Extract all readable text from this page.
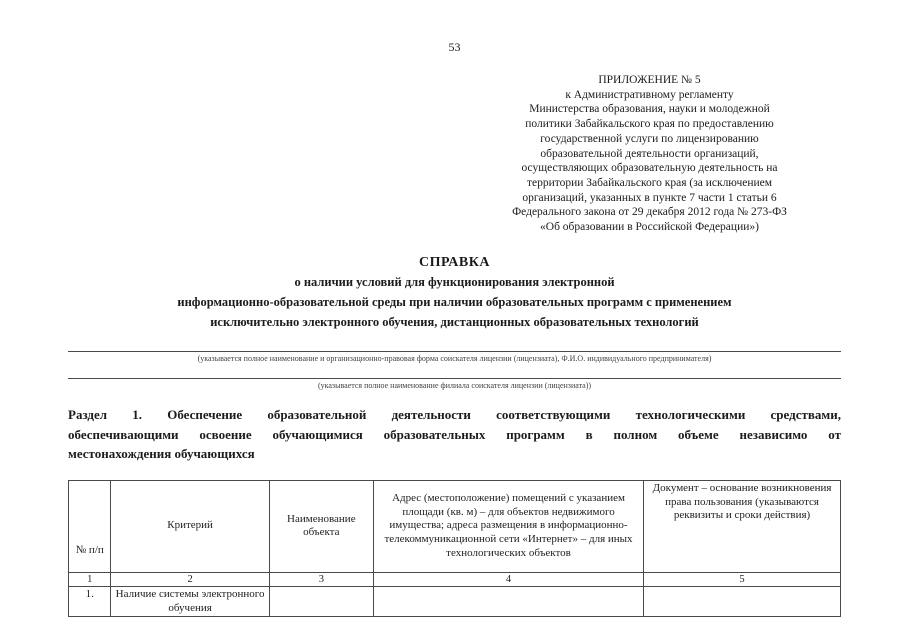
53
ПРИЛОЖЕНИЕ № 5
к Административному регламенту
Министерства образования, науки и молодежной
политики Забайкальского края по предоставлению
государственной услуги по лицензированию
образовательной деятельности организаций,
осуществляющих образовательную деятельность на
территории Забайкальского края (за исключением
организаций, указанных в пункте 7 части 1 статьи 6
Федерального закона от 29 декабря 2012 года № 273-ФЗ
«Об образовании в Российской Федерации»)
СПРАВКА
о наличии условий для функционирования электронной
информационно-образовательной среды при наличии образовательных программ с применением
исключительно электронного обучения, дистанционных образовательных технологий
(указывается полное наименование и организационно-правовая форма соискателя лицензии (лицензиата), Ф.И.О. индивидуального предпринимателя)
(указывается полное наименование филиала соискателя лицензии (лицензиата))
Раздел 1. Обеспечение образовательной деятельности соответствующими технологическими средствами,
обеспечивающими освоение обучающимися образовательных программ в полном объеме независимо от
местонахождения обучающихся
№ п/п	Критерий	Наименование объекта	Адрес (местоположение) помещений с указанием площади (кв. м) – для объектов недвижимого имущества; адреса размещения в информационно-телекоммуникационной сети «Интернет» – для иных технологических объектов	Документ – основание возникновения права пользования (указываются реквизиты и сроки действия)
1	2	3	4	5
1.	Наличие системы электронного обучения			
